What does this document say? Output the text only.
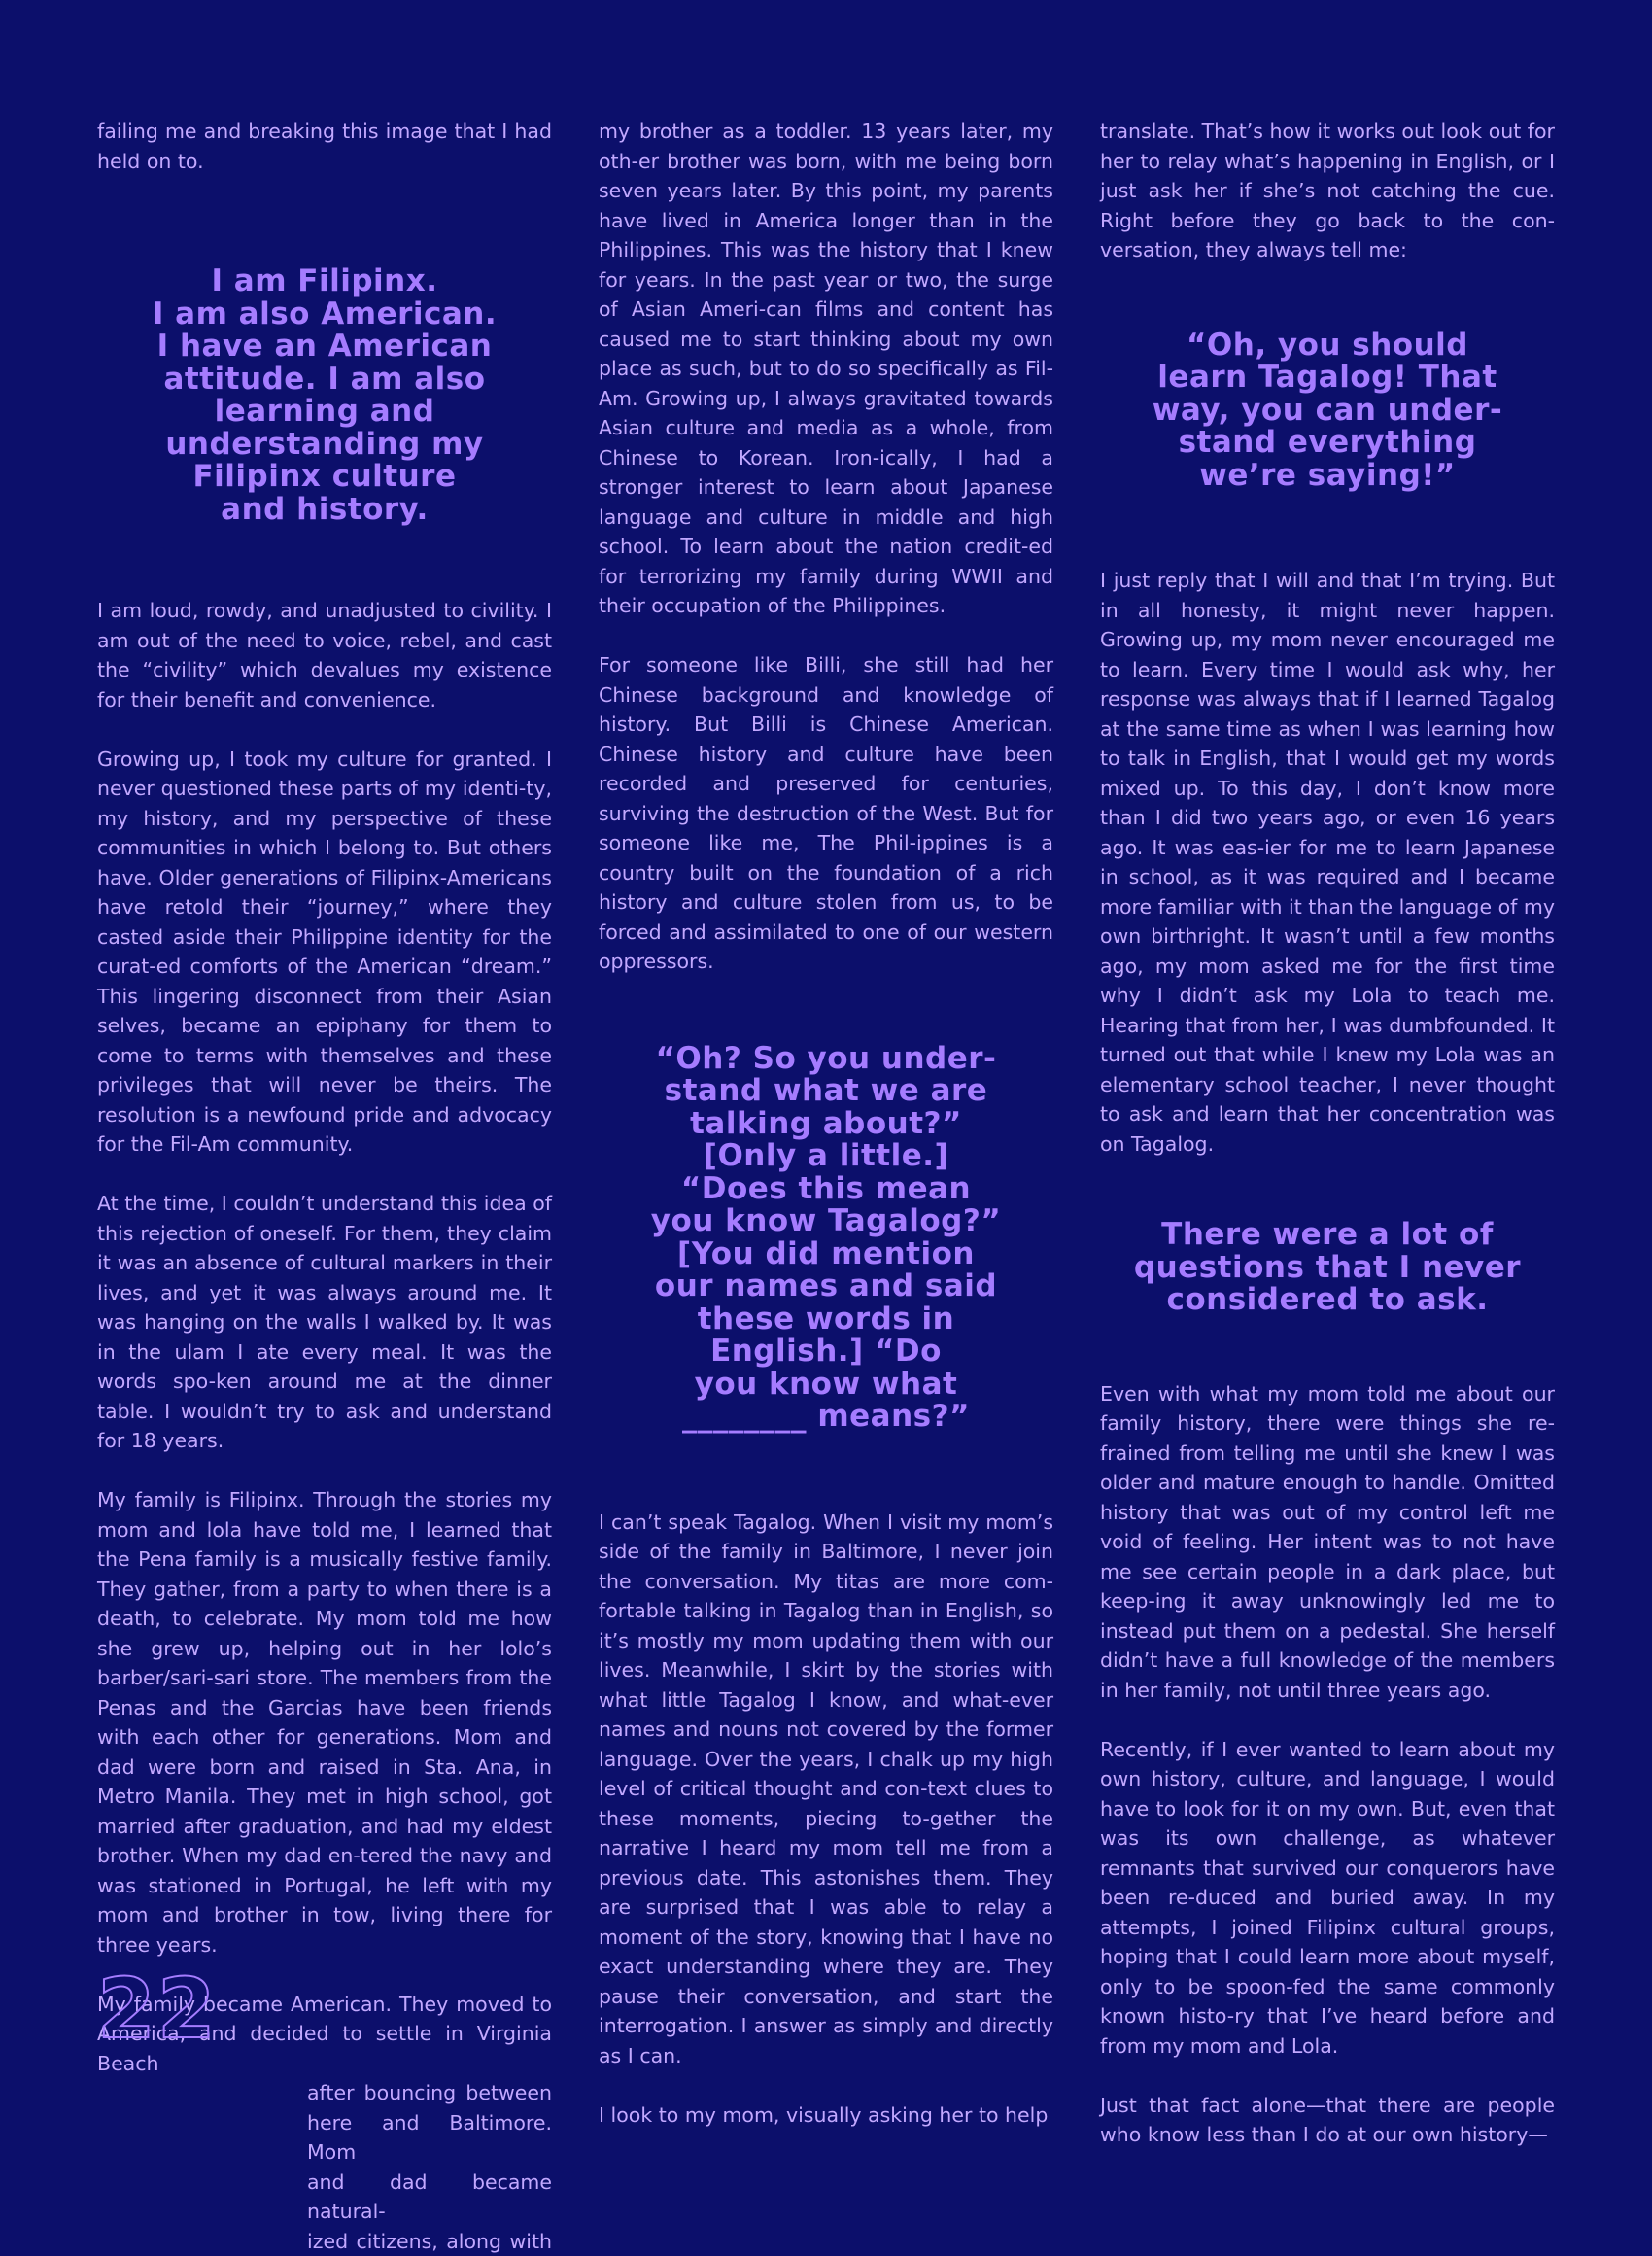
failing me and breaking this image that I had held on to.

I am Filipinx.
I am also American.
I have an American
attitude. I am also
learning and
understanding my
Filipinx culture
and history.

I am loud, rowdy, and unadjusted to civility. I am out of the need to voice, rebel, and cast the “civility” which devalues my existence for their benefit and convenience.

Growing up, I took my culture for granted. I never questioned these parts of my identi-ty, my history, and my perspective of these communities in which I belong to. But others have. Older generations of Filipinx-Americans have retold their “journey,” where they casted aside their Philippine identity for the curat-ed comforts of the American “dream.” This lingering disconnect from their Asian selves, became an epiphany for them to come to terms with themselves and these privileges that will never be theirs. The resolution is a newfound pride and advocacy for the Fil-Am community.

At the time, I couldn’t understand this idea of this rejection of oneself. For them, they claim it was an absence of cultural markers in their lives, and yet it was always around me. It was hanging on the walls I walked by. It was in the ulam I ate every meal. It was the words spo-ken around me at the dinner table. I wouldn’t try to ask and understand for 18 years.

My family is Filipinx. Through the stories my mom and lola have told me, I learned that the Pena family is a musically festive family. They gather, from a party to when there is a death, to celebrate. My mom told me how she grew up, helping out in her lolo’s barber/sari-sari store. The members from the Penas and the Garcias have been friends with each other for generations. Mom and dad were born and raised in Sta. Ana, in Metro Manila. They met in high school, got married after graduation, and had my eldest brother. When my dad en-tered the navy and was stationed in Portugal, he left with my mom and brother in tow, living there for three years.

My family became American. They moved to
America, and decided to settle in Virginia Beach
after bouncing between
here and Baltimore. Mom
and dad became natural-
ized citizens, along with

my brother as a toddler. 13 years later, my oth-er brother was born, with me being born seven years later. By this point, my parents have lived in America longer than in the Philippines. This was the history that I knew for years. In the past year or two, the surge of Asian Ameri-can films and content has caused me to start thinking about my own place as such, but to do so specifically as Fil-Am. Growing up, I always gravitated towards Asian culture and media as a whole, from Chinese to Korean. Iron-ically, I had a stronger interest to learn about Japanese language and culture in middle and high school. To learn about the nation credit-ed for terrorizing my family during WWII and their occupation of the Philippines.

For someone like Billi, she still had her Chinese background and knowledge of history. But Billi is Chinese American. Chinese history and culture have been recorded and preserved for centuries, surviving the destruction of the West. But for someone like me, The Phil-ippines is a country built on the foundation of a rich history and culture stolen from us, to be forced and assimilated to one of our western oppressors.

“Oh? So you under-
stand what we are
talking about?”
[Only a little.]
“Does this mean
you know Tagalog?”
[You did mention
our names and said
these words in
English.] “Do
you know what
________ means?”

I can’t speak Tagalog. When I visit my mom’s side of the family in Baltimore, I never join the conversation. My titas are more com-fortable talking in Tagalog than in English, so it’s mostly my mom updating them with our lives. Meanwhile, I skirt by the stories with what little Tagalog I know, and what-ever names and nouns not covered by the former language. Over the years, I chalk up my high level of critical thought and con-text clues to these moments, piecing to-gether the narrative I heard my mom tell me from a previous date. This astonishes them. They are surprised that I was able to relay a moment of the story, knowing that I have no exact understanding where they are. They pause their conversation, and start the interrogation. I answer as simply and directly as I can.

I look to my mom, visually asking her to help

translate. That’s how it works out look out for her to relay what’s happening in English, or I just ask her if she’s not catching the cue. Right before they go back to the con-versation, they always tell me:

“Oh, you should
learn Tagalog! That
way, you can under-
stand everything
we’re saying!”

I just reply that I will and that I’m trying. But in all honesty, it might never happen. Growing up, my mom never encouraged me to learn. Every time I would ask why, her response was always that if I learned Tagalog at the same time as when I was learning how to talk in English, that I would get my words mixed up. To this day, I don’t know more than I did two years ago, or even 16 years ago. It was eas-ier for me to learn Japanese in school, as it was required and I became more familiar with it than the language of my own birthright. It wasn’t until a few months ago, my mom asked me for the first time why I didn’t ask my Lola to teach me. Hearing that from her, I was dumbfounded. It turned out that while I knew my Lola was an elementary school teacher, I never thought to ask and learn that her concentration was on Tagalog.

There were a lot of
questions that I never
considered to ask.

Even with what my mom told me about our family history, there were things she re-frained from telling me until she knew I was older and mature enough to handle. Omitted history that was out of my control left me void of feeling. Her intent was to not have me see certain people in a dark place, but keep-ing it away unknowingly led me to instead put them on a pedestal. She herself didn’t have a full knowledge of the members in her family, not until three years ago.

Recently, if I ever wanted to learn about my own history, culture, and language, I would have to look for it on my own. But, even that was its own challenge, as whatever remnants that survived our conquerors have been re-duced and buried away. In my attempts, I joined Filipinx cultural groups, hoping that I could learn more about myself, only to be spoon-fed the same commonly known histo-ry that I’ve heard before and from my mom and Lola.

Just that fact alone—that there are people who know less than I do at our own history—

22
